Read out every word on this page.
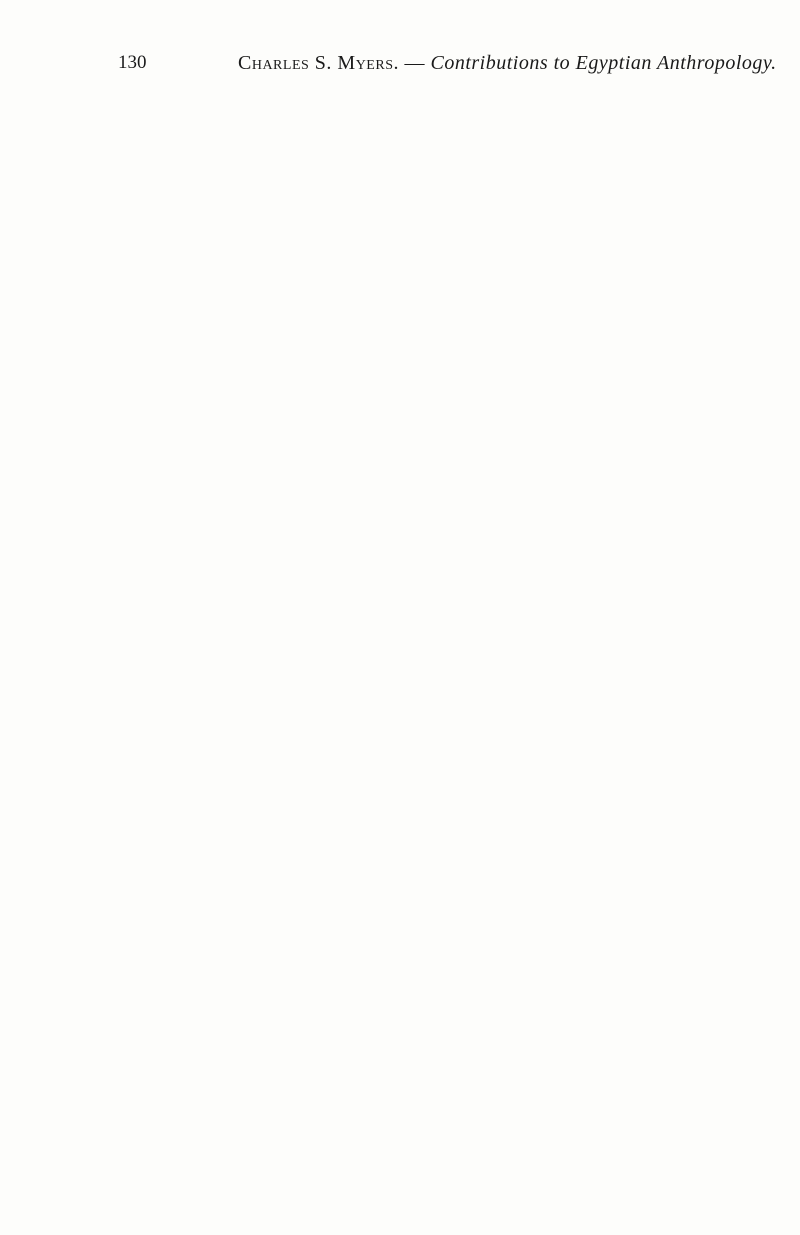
130	Charles S. Myers. — Contributions to Egyptian Anthropology.
